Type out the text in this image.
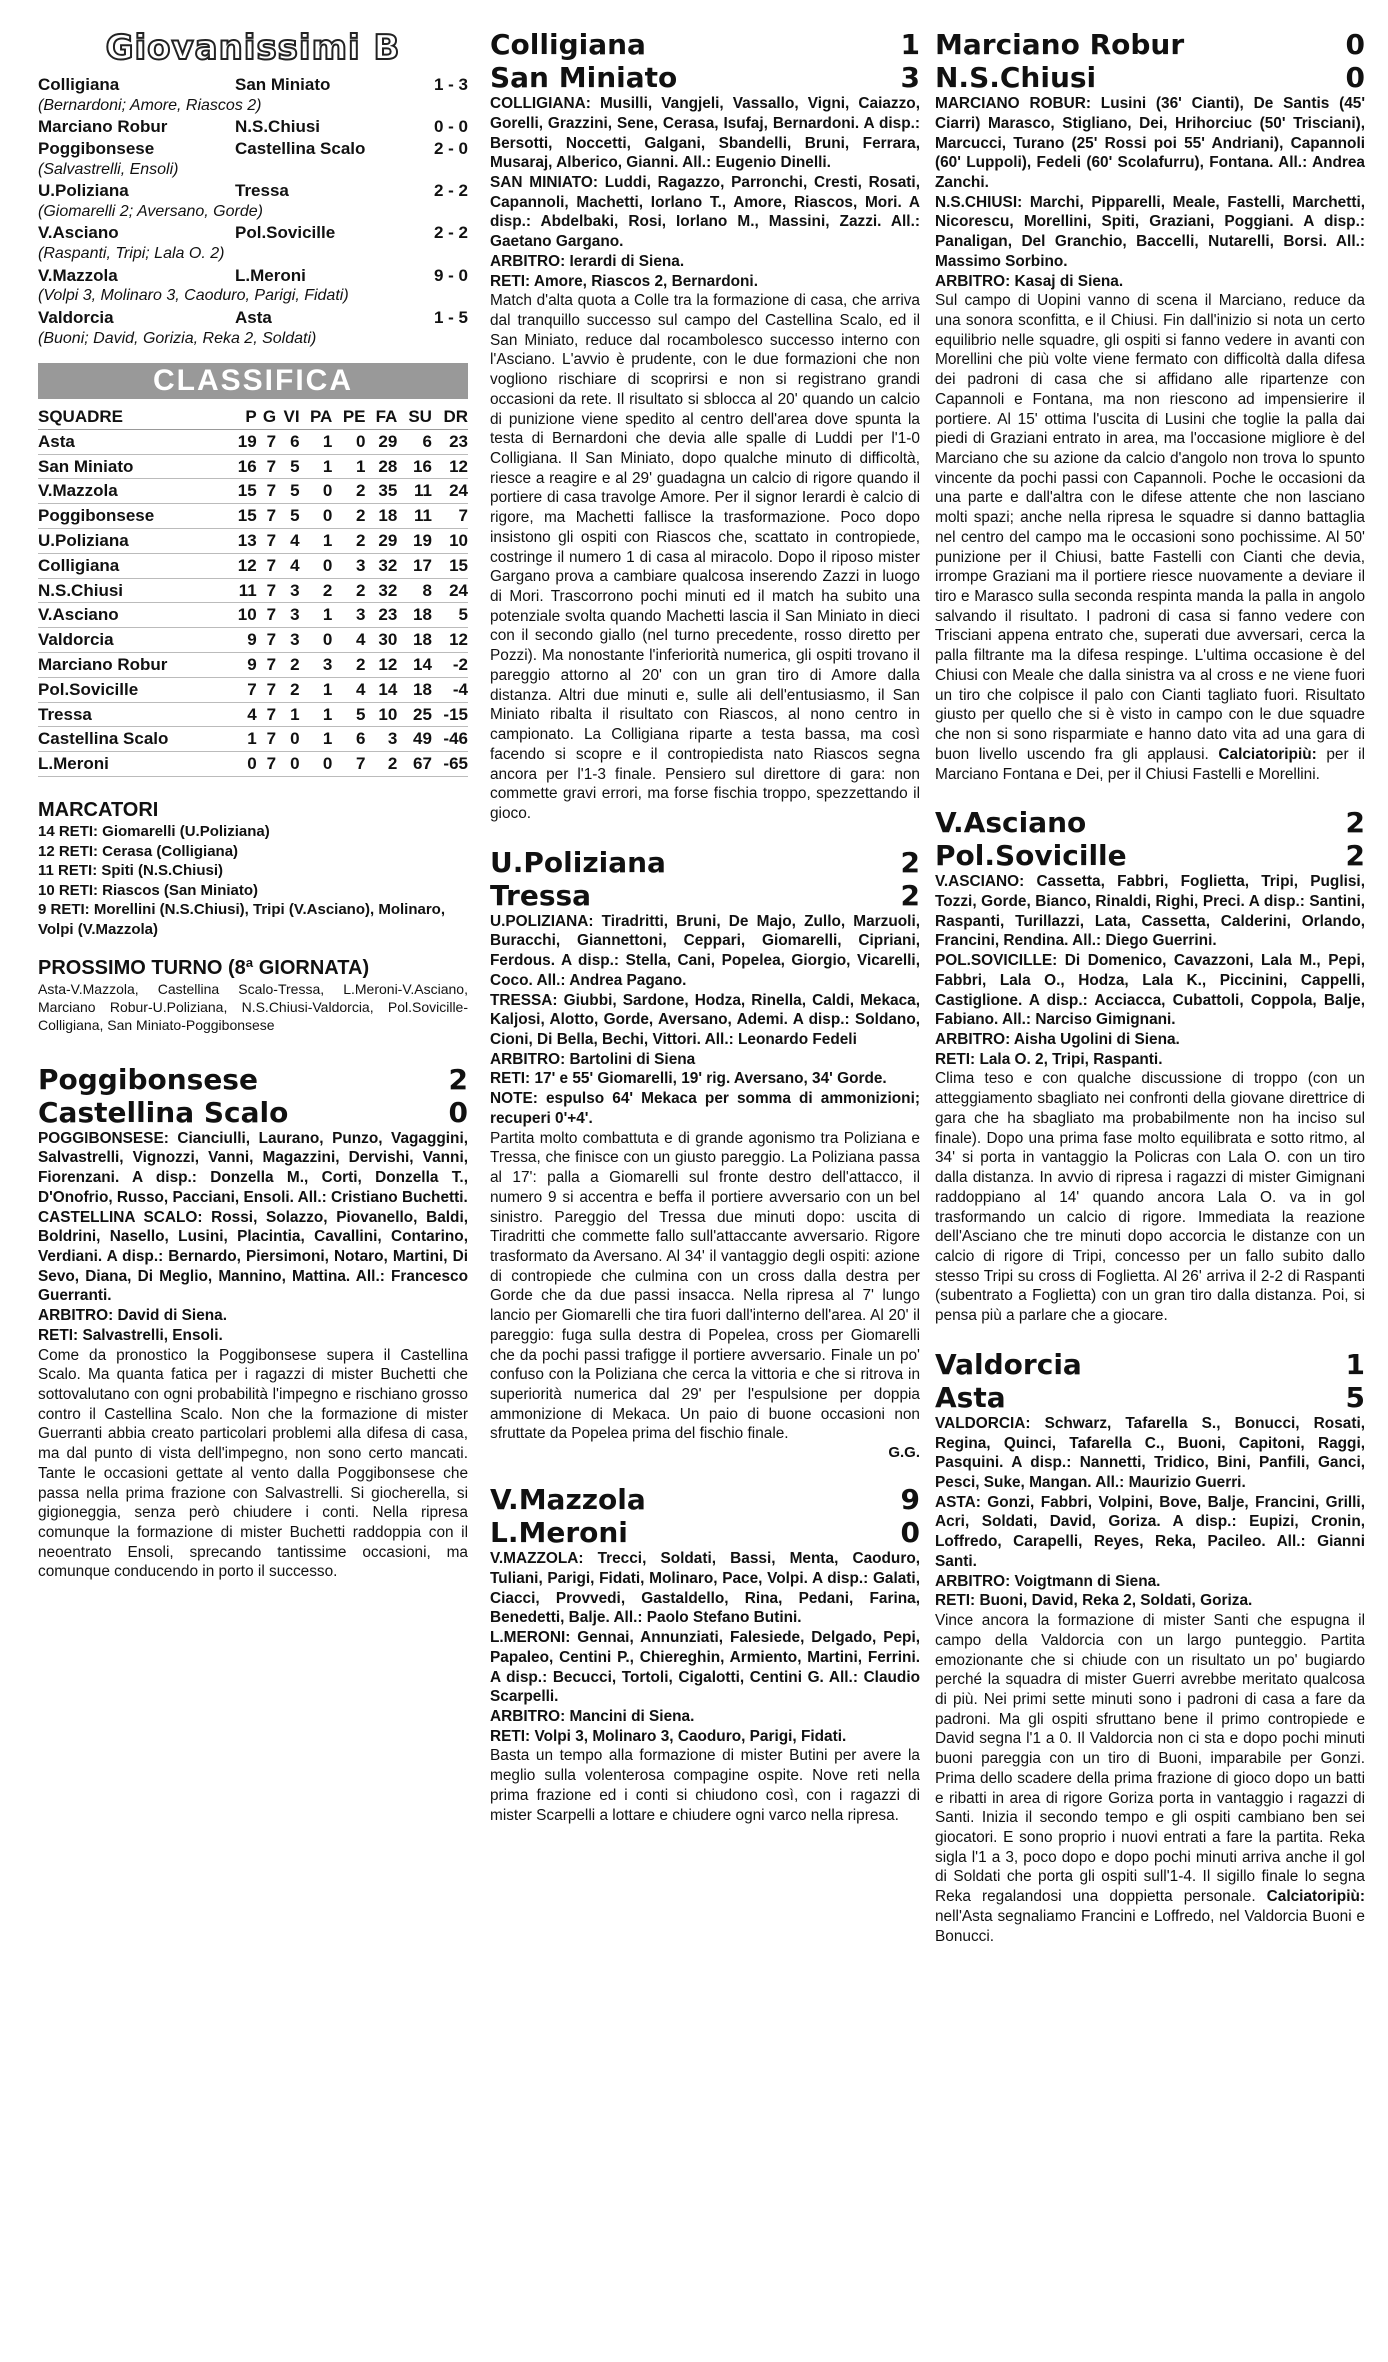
Giovanissimi B
Colligiana	San Miniato	1 - 3
(Bernardoni; Amore, Riascos 2)
Marciano Robur	N.S.Chiusi	0 - 0
Poggibonsese	Castellina Scalo	2 - 0
(Salvastrelli, Ensoli)
U.Poliziana	Tressa	2 - 2
(Giomarelli 2; Aversano, Gorde)
V.Asciano	Pol.Sovicille	2 - 2
(Raspanti, Tripi; Lala O. 2)
V.Mazzola	L.Meroni	9 - 0
(Volpi 3, Molinaro 3, Caoduro, Parigi, Fidati)
Valdorcia	Asta	1 - 5
(Buoni; David, Gorizia, Reka 2, Soldati)
CLASSIFICA
SQUADRE	P	G	VI	PA	PE	FA	SU	DR
Asta	19	7	6	1	0	29	6	23
San Miniato	16	7	5	1	1	28	16	12
V.Mazzola	15	7	5	0	2	35	11	24
Poggibonsese	15	7	5	0	2	18	11	7
U.Poliziana	13	7	4	1	2	29	19	10
Colligiana	12	7	4	0	3	32	17	15
N.S.Chiusi	11	7	3	2	2	32	8	24
V.Asciano	10	7	3	1	3	23	18	5
Valdorcia	9	7	3	0	4	30	18	12
Marciano Robur	9	7	2	3	2	12	14	-2
Pol.Sovicille	7	7	2	1	4	14	18	-4
Tressa	4	7	1	1	5	10	25	-15
Castellina Scalo	1	7	0	1	6	3	49	-46
L.Meroni	0	7	0	0	7	2	67	-65
MARCATORI
14 RETI: Giomarelli (U.Poliziana)
12 RETI: Cerasa (Colligiana)
11 RETI: Spiti (N.S.Chiusi)
10 RETI: Riascos (San Miniato)
9 RETI: Morellini (N.S.Chiusi), Tripi (V.Asciano), Molinaro, Volpi (V.Mazzola)
PROSSIMO TURNO (8ª GIORNATA)

Asta-V.Mazzola, Castellina Scalo-Tressa, L.Meroni-V.Asciano, Marciano Robur-U.Poliziana, N.S.Chiusi-Valdorcia, Pol.Sovicille-Colligiana, San Miniato-Poggibonsese

Poggibonsese	2
Castellina Scalo	0

POGGIBONSESE: Cianciulli, Laurano, Punzo, Vagaggini, Salvastrelli, Vignozzi, Vanni, Magazzini, Dervishi, Vanni, Fiorenzani. A disp.: Donzella M., Corti, Donzella T., D'Onofrio, Russo, Pacciani, Ensoli. All.: Cristiano Buchetti.

CASTELLINA SCALO: Rossi, Solazzo, Piovanello, Baldi, Boldrini, Nasello, Lusini, Placintia, Cavallini, Contarino, Verdiani. A disp.: Bernardo, Piersimoni, Notaro, Martini, Di Sevo, Diana, Di Meglio, Mannino, Mattina. All.: Francesco Guerranti.

ARBITRO: David di Siena.

RETI: Salvastrelli, Ensoli.

Come da pronostico la Poggibonsese supera il Castellina Scalo. Ma quanta fatica per i ragazzi di mister Buchetti che sottovalutano con ogni probabilità l'impegno e rischiano grosso contro il Castellina Scalo. Non che la formazione di mister Guerranti abbia creato particolari problemi alla difesa di casa, ma dal punto di vista dell'impegno, non sono certo mancati. Tante le occasioni gettate al vento dalla Poggibonsese che passa nella prima frazione con Salvastrelli. Si giocherella, si gigioneggia, senza però chiudere i conti. Nella ripresa comunque la formazione di mister Buchetti raddoppia con il neoentrato Ensoli, sprecando tantissime occasioni, ma comunque conducendo in porto il successo.

Colligiana	1
San Miniato	3

COLLIGIANA: Musilli, Vangjeli, Vassallo, Vigni, Caiazzo, Gorelli, Grazzini, Sene, Cerasa, Isufaj, Bernardoni. A disp.: Bersotti, Noccetti, Galgani, Sbandelli, Bruni, Ferrara, Musaraj, Alberico, Gianni. All.: Eugenio Dinelli.

SAN MINIATO: Luddi, Ragazzo, Parronchi, Cresti, Rosati, Capannoli, Machetti, Iorlano T., Amore, Riascos, Mori. A disp.: Abdelbaki, Rosi, Iorlano M., Massini, Zazzi. All.: Gaetano Gargano.

ARBITRO: Ierardi di Siena.

RETI: Amore, Riascos 2, Bernardoni.

Match d'alta quota a Colle tra la formazione di casa, che arriva dal tranquillo successo sul campo del Castellina Scalo, ed il San Miniato, reduce dal rocambolesco successo interno con l'Asciano. L'avvio è prudente, con le due formazioni che non vogliono rischiare di scoprirsi e non si registrano grandi occasioni da rete. Il risultato si sblocca al 20' quando un calcio di punizione viene spedito al centro dell'area dove spunta la testa di Bernardoni che devia alle spalle di Luddi per l'1-0 Colligiana. Il San Miniato, dopo qualche minuto di difficoltà, riesce a reagire e al 29' guadagna un calcio di rigore quando il portiere di casa travolge Amore. Per il signor Ierardi è calcio di rigore, ma Machetti fallisce la trasformazione. Poco dopo insistono gli ospiti con Riascos che, scattato in contropiede, costringe il numero 1 di casa al miracolo. Dopo il riposo mister Gargano prova a cambiare qualcosa inserendo Zazzi in luogo di Mori. Trascorrono pochi minuti ed il match ha subito una potenziale svolta quando Machetti lascia il San Miniato in dieci con il secondo giallo (nel turno precedente, rosso diretto per Pozzi). Ma nonostante l'inferiorità numerica, gli ospiti trovano il pareggio attorno al 20' con un gran tiro di Amore dalla distanza. Altri due minuti e, sulle ali dell'entusiasmo, il San Miniato ribalta il risultato con Riascos, al nono centro in campionato. La Colligiana riparte a testa bassa, ma così facendo si scopre e il contropiedista nato Riascos segna ancora per l'1-3 finale. Pensiero sul direttore di gara: non commette gravi errori, ma forse fischia troppo, spezzettando il gioco.

U.Poliziana	2
Tressa	2

U.POLIZIANA: Tiradritti, Bruni, De Majo, Zullo, Marzuoli, Buracchi, Giannettoni, Ceppari, Giomarelli, Cipriani, Ferdous. A disp.: Stella, Cani, Popelea, Giorgio, Vicarelli, Coco. All.: Andrea Pagano.

TRESSA: Giubbi, Sardone, Hodza, Rinella, Caldi, Mekaca, Kaljosi, Alotto, Gorde, Aversano, Ademi. A disp.: Soldano, Cioni, Di Bella, Bechi, Vittori. All.: Leonardo Fedeli

ARBITRO: Bartolini di Siena

RETI: 17' e 55' Giomarelli, 19' rig. Aversano, 34' Gorde.

NOTE: espulso 64' Mekaca per somma di ammonizioni; recuperi 0'+4'.

Partita molto combattuta e di grande agonismo tra Poliziana e Tressa, che finisce con un giusto pareggio. La Poliziana passa al 17': palla a Giomarelli sul fronte destro dell'attacco, il numero 9 si accentra e beffa il portiere avversario con un bel sinistro. Pareggio del Tressa due minuti dopo: uscita di Tiradritti che commette fallo sull'attaccante avversario. Rigore trasformato da Aversano. Al 34' il vantaggio degli ospiti: azione di contropiede che culmina con un cross dalla destra per Gorde che da due passi insacca. Nella ripresa al 7' lungo lancio per Giomarelli che tira fuori dall'interno dell'area. Al 20' il pareggio: fuga sulla destra di Popelea, cross per Giomarelli che da pochi passi trafigge il portiere avversario. Finale un po' confuso con la Poliziana che cerca la vittoria e che si ritrova in superiorità numerica dal 29' per l'espulsione per doppia ammonizione di Mekaca. Un paio di buone occasioni non sfruttate da Popelea prima del fischio finale.

G.G.
V.Mazzola	9
L.Meroni	0

V.MAZZOLA: Trecci, Soldati, Bassi, Menta, Caoduro, Tuliani, Parigi, Fidati, Molinaro, Pace, Volpi. A disp.: Galati, Ciacci, Provvedi, Gastaldello, Rina, Pedani, Farina, Benedetti, Balje. All.: Paolo Stefano Butini.

L.MERONI: Gennai, Annunziati, Falesiede, Delgado, Pepi, Papaleo, Centini P., Chiereghin, Armiento, Martini, Ferrini. A disp.: Becucci, Tortoli, Cigalotti, Centini G. All.: Claudio Scarpelli.

ARBITRO: Mancini di Siena.

RETI: Volpi 3, Molinaro 3, Caoduro, Parigi, Fidati.

Basta un tempo alla formazione di mister Butini per avere la meglio sulla volenterosa compagine ospite. Nove reti nella prima frazione ed i conti si chiudono così, con i ragazzi di mister Scarpelli a lottare e chiudere ogni varco nella ripresa.

Marciano Robur	0
N.S.Chiusi	0

MARCIANO ROBUR: Lusini (36' Cianti), De Santis (45' Ciarri) Marasco, Stigliano, Dei, Hrihorciuc (50' Trisciani), Marcucci, Turano (25' Rossi poi 55' Andriani), Capannoli (60' Luppoli), Fedeli (60' Scolafurru), Fontana. All.: Andrea Zanchi.

N.S.CHIUSI: Marchi, Pipparelli, Meale, Fastelli, Marchetti, Nicorescu, Morellini, Spiti, Graziani, Poggiani. A disp.: Panaligan, Del Granchio, Baccelli, Nutarelli, Borsi. All.: Massimo Sorbino.

ARBITRO: Kasaj di Siena.

Sul campo di Uopini vanno di scena il Marciano, reduce da una sonora sconfitta, e il Chiusi. Fin dall'inizio si nota un certo equilibrio nelle squadre, gli ospiti si fanno vedere in avanti con Morellini che più volte viene fermato con difficoltà dalla difesa dei padroni di casa che si affidano alle ripartenze con Capannoli e Fontana, ma non riescono ad impensierire il portiere. Al 15' ottima l'uscita di Lusini che toglie la palla dai piedi di Graziani entrato in area, ma l'occasione migliore è del Marciano che su azione da calcio d'angolo non trova lo spunto vincente da pochi passi con Capannoli. Poche le occasioni da una parte e dall'altra con le difese attente che non lasciano molti spazi; anche nella ripresa le squadre si danno battaglia nel centro del campo ma le occasioni sono pochissime. Al 50' punizione per il Chiusi, batte Fastelli con Cianti che devia, irrompe Graziani ma il portiere riesce nuovamente a deviare il tiro e Marasco sulla seconda respinta manda la palla in angolo salvando il risultato. I padroni di casa si fanno vedere con Trisciani appena entrato che, superati due avversari, cerca la palla filtrante ma la difesa respinge. L'ultima occasione è del Chiusi con Meale che dalla sinistra va al cross e ne viene fuori un tiro che colpisce il palo con Cianti tagliato fuori. Risultato giusto per quello che si è visto in campo con le due squadre che non si sono risparmiate e hanno dato vita ad una gara di buon livello uscendo fra gli applausi. Calciatoripiù: per il Marciano Fontana e Dei, per il Chiusi Fastelli e Morellini.

V.Asciano	2
Pol.Sovicille	2

V.ASCIANO: Cassetta, Fabbri, Foglietta, Tripi, Puglisi, Tozzi, Gorde, Bianco, Rinaldi, Righi, Preci. A disp.: Santini, Raspanti, Turillazzi, Lata, Cassetta, Calderini, Orlando, Francini, Rendina. All.: Diego Guerrini.

POL.SOVICILLE: Di Domenico, Cavazzoni, Lala M., Pepi, Fabbri, Lala O., Hodza, Lala K., Piccinini, Cappelli, Castiglione. A disp.: Acciacca, Cubattoli, Coppola, Balje, Fabiano. All.: Narciso Gimignani.

ARBITRO: Aisha Ugolini di Siena.

RETI: Lala O. 2, Tripi, Raspanti.

Clima teso e con qualche discussione di troppo (con un atteggiamento sbagliato nei confronti della giovane direttrice di gara che ha sbagliato ma probabilmente non ha inciso sul finale). Dopo una prima fase molto equilibrata e sotto ritmo, al 34' si porta in vantaggio la Policras con Lala O. con un tiro dalla distanza. In avvio di ripresa i ragazzi di mister Gimignani raddoppiano al 14' quando ancora Lala O. va in gol trasformando un calcio di rigore. Immediata la reazione dell'Asciano che tre minuti dopo accorcia le distanze con un calcio di rigore di Tripi, concesso per un fallo subito dallo stesso Tripi su cross di Foglietta. Al 26' arriva il 2-2 di Raspanti (subentrato a Foglietta) con un gran tiro dalla distanza. Poi, si pensa più a parlare che a giocare.

Valdorcia	1
Asta	5

VALDORCIA: Schwarz, Tafarella S., Bonucci, Rosati, Regina, Quinci, Tafarella C., Buoni, Capitoni, Raggi, Pasquini. A disp.: Nannetti, Tridico, Bini, Panfili, Ganci, Pesci, Suke, Mangan. All.: Maurizio Guerri.

ASTA: Gonzi, Fabbri, Volpini, Bove, Balje, Francini, Grilli, Acri, Soldati, David, Goriza. A disp.: Eupizi, Cronin, Loffredo, Carapelli, Reyes, Reka, Pacileo. All.: Gianni Santi.

ARBITRO: Voigtmann di Siena.

RETI: Buoni, David, Reka 2, Soldati, Goriza.

Vince ancora la formazione di mister Santi che espugna il campo della Valdorcia con un largo punteggio. Partita emozionante che si chiude con un risultato un po' bugiardo perché la squadra di mister Guerri avrebbe meritato qualcosa di più. Nei primi sette minuti sono i padroni di casa a fare da padroni. Ma gli ospiti sfruttano bene il primo contropiede e David segna l'1 a 0. Il Valdorcia non ci sta e dopo pochi minuti buoni pareggia con un tiro di Buoni, imparabile per Gonzi. Prima dello scadere della prima frazione di gioco dopo un batti e ribatti in area di rigore Goriza porta in vantaggio i ragazzi di Santi. Inizia il secondo tempo e gli ospiti cambiano ben sei giocatori. E sono proprio i nuovi entrati a fare la partita. Reka sigla l'1 a 3, poco dopo e dopo pochi minuti arriva anche il gol di Soldati che porta gli ospiti sull'1-4. Il sigillo finale lo segna Reka regalandosi una doppietta personale. Calciatoripiù: nell'Asta segnaliamo Francini e Loffredo, nel Valdorcia Buoni e Bonucci.
